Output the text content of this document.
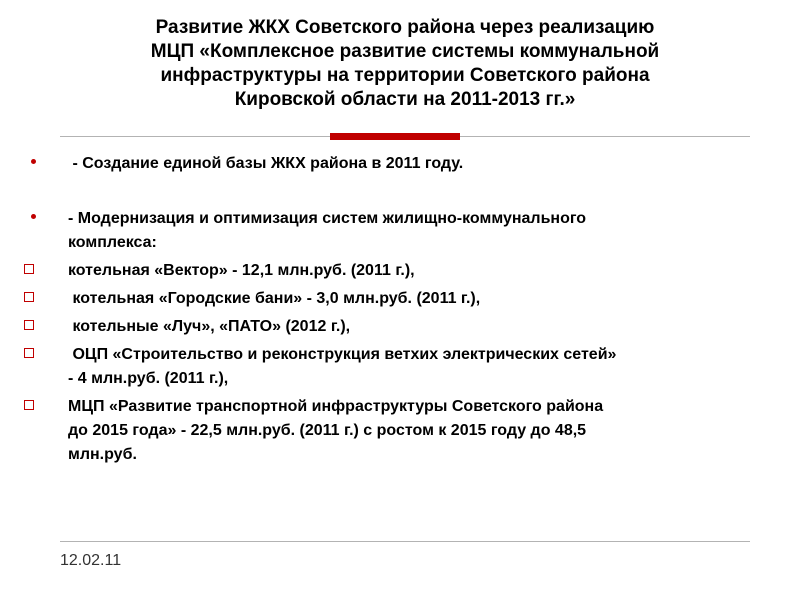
Развитие ЖКХ Советского района через реализацию
МЦП «Комплексное развитие системы коммунальной
инфраструктуры на территории Советского района
Кировской области на 2011-2013 гг.»
- Создание единой базы ЖКХ района в 2011 году.
- Модернизация и оптимизация систем жилищно-коммунального
комплекса:
котельная «Вектор» - 12,1 млн.руб. (2011 г.),
котельная «Городские бани» - 3,0 млн.руб. (2011 г.),
котельные «Луч», «ПАТО» (2012 г.),
ОЦП «Строительство и реконструкция ветхих электрических сетей»
- 4 млн.руб. (2011 г.),
МЦП «Развитие транспортной инфраструктуры Советского района
до 2015 года» - 22,5 млн.руб. (2011 г.) с ростом к 2015 году до 48,5
млн.руб.
12.02.11
